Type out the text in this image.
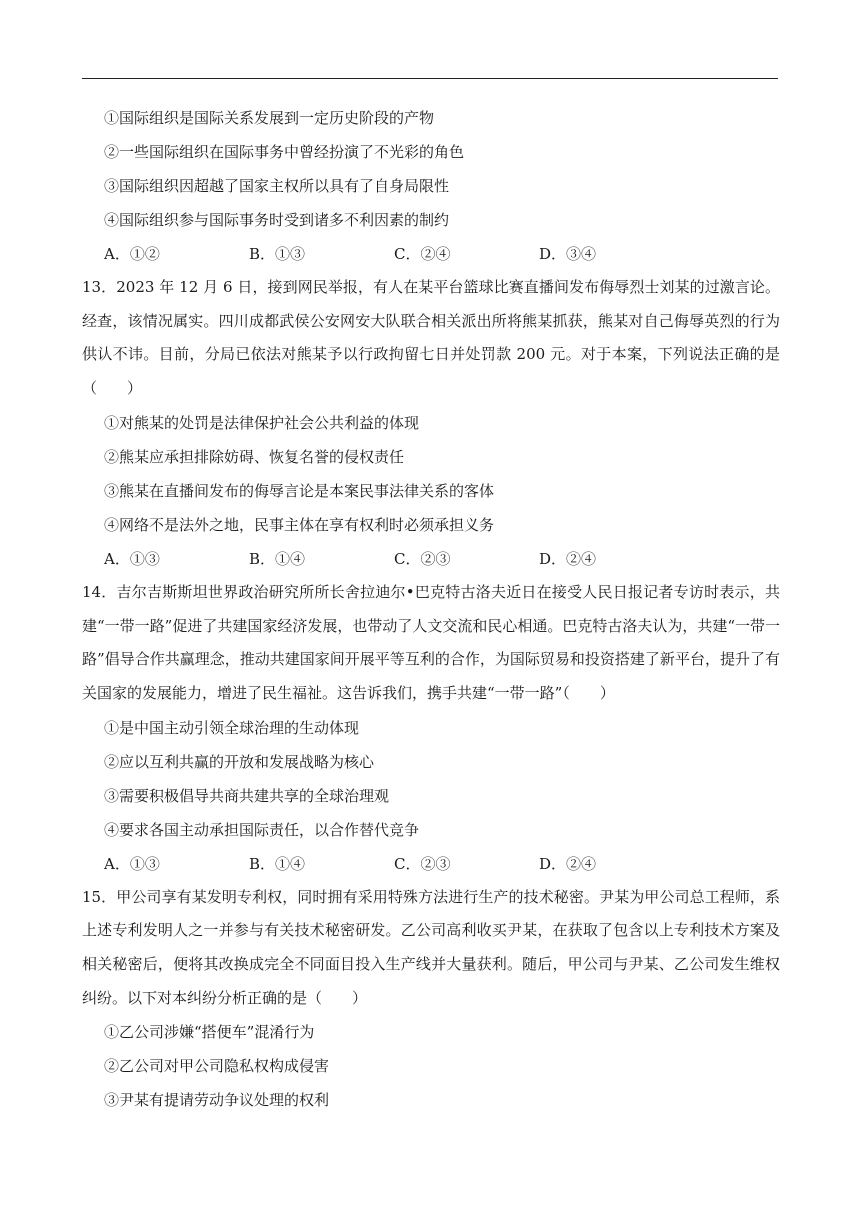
①国际组织是国际关系发展到一定历史阶段的产物
②一些国际组织在国际事务中曾经扮演了不光彩的角色
③国际组织因超越了国家主权所以具有了自身局限性
④国际组织参与国际事务时受到诸多不利因素的制约
A．①②	B．①③	C．②④	D．③④

13．2023 年 12 月 6 日，接到网民举报，有人在某平台篮球比赛直播间发布侮辱烈士刘某的过激言论。经查，该情况属实。四川成都武侯公安网安大队联合相关派出所将熊某抓获，熊某对自己侮辱英烈的行为供认不讳。目前，分局已依法对熊某予以行政拘留七日并处罚款 200 元。对于本案，下列说法正确的是（　　）

①对熊某的处罚是法律保护社会公共利益的体现
②熊某应承担排除妨碍、恢复名誉的侵权责任
③熊某在直播间发布的侮辱言论是本案民事法律关系的客体
④网络不是法外之地，民事主体在享有权利时必须承担义务
A．①③	B．①④	C．②③	D．②④

14．吉尔吉斯斯坦世界政治研究所所长舍拉迪尔•巴克特古洛夫近日在接受人民日报记者专访时表示，共建“一带一路”促进了共建国家经济发展，也带动了人文交流和民心相通。巴克特古洛夫认为，共建“一带一路”倡导合作共赢理念，推动共建国家间开展平等互利的合作，为国际贸易和投资搭建了新平台，提升了有关国家的发展能力，增进了民生福祉。这告诉我们，携手共建“一带一路”（　　）

①是中国主动引领全球治理的生动体现
②应以互利共赢的开放和发展战略为核心
③需要积极倡导共商共建共享的全球治理观
④要求各国主动承担国际责任，以合作替代竞争
A．①③	B．①④	C．②③	D．②④

15．甲公司享有某发明专利权，同时拥有采用特殊方法进行生产的技术秘密。尹某为甲公司总工程师，系上述专利发明人之一并参与有关技术秘密研发。乙公司高利收买尹某，在获取了包含以上专利技术方案及相关秘密后，便将其改换成完全不同面目投入生产线并大量获利。随后，甲公司与尹某、乙公司发生维权纠纷。以下对本纠纷分析正确的是（　　）

①乙公司涉嫌“搭便车”混淆行为
②乙公司对甲公司隐私权构成侵害
③尹某有提请劳动争议处理的权利
